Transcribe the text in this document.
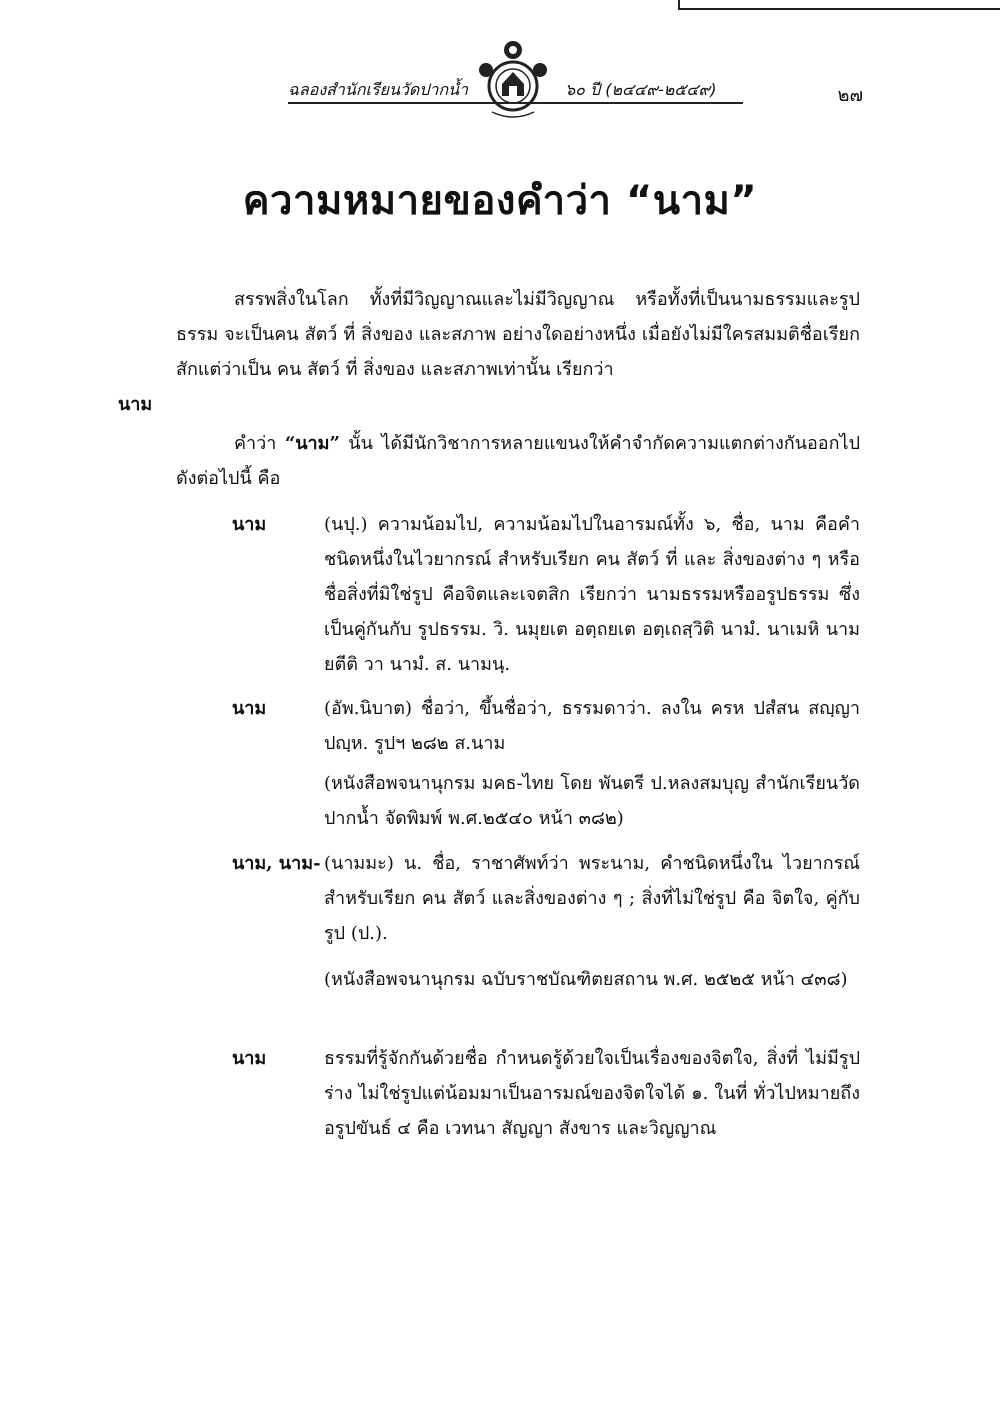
ฉลองสำนักเรียนวัดปากน้ำ	๖๐ ปี (๒๔๔๙-๒๕๔๙)	๒๗
ความหมายของคำว่า “นาม”
สรรพสิ่งในโลก ทั้งที่มีวิญญาณและไม่มีวิญญาณ หรือทั้งที่เป็นนามธรรมและรูปธรรม จะเป็นคน สัตว์ ที่ สิ่งของ และสภาพ อย่างใดอย่างหนึ่ง เมื่อยังไม่มีใครสมมติชื่อเรียก สักแต่ว่าเป็น คน สัตว์ ที่ สิ่งของ และสภาพเท่านั้น เรียกว่า
นาม
คำว่า “นาม” นั้น ได้มีนักวิชาการหลายแขนงให้คำจำกัดความแตกต่างกันออกไป ดังต่อไปนี้ คือ
นาม	(นปุ.) ความน้อมไป, ความน้อมไปในอารมณ์ทั้ง ๖, ชื่อ, นาม คือคำชนิดหนึ่งในไวยากรณ์ สำหรับเรียก คน สัตว์ ที่ และ สิ่งของต่าง ๆ หรือชื่อสิ่งที่มิใช่รูป คือจิตและเจตสิก เรียกว่า นามธรรมหรืออรูปธรรม ซึ่งเป็นคู่กันกับ รูปธรรม. วิ. นมุยเต อตฺถยเต อตฺเถสฺวิติ นามํ. นาเมหิ นามยตีติ วา นามํ. ส. นามนฺ.
นาม	(อัพ.นิบาต) ชื่อว่า, ขึ้นชื่อว่า, ธรรมดาว่า. ลงใน ครห ปสํสน สญฺญา ปญฺห. รูปฯ ๒๘๒ ส.นาม
(หนังสือพจนานุกรม มคธ-ไทย โดย พันตรี ป.หลงสมบุญ สำนักเรียนวัดปากน้ำ จัดพิมพ์ พ.ศ.๒๕๔๐ หน้า ๓๘๒)
นาม, นาม- (นามมะ) น. ชื่อ, ราชาศัพท์ว่า พระนาม, คำชนิดหนึ่งใน ไวยากรณ์ สำหรับเรียก คน สัตว์ และสิ่งของต่าง ๆ ; สิ่งที่ไม่ใช่รูป คือ จิตใจ, คู่กับ รูป (ป.).
(หนังสือพจนานุกรม ฉบับราชบัณฑิตยสถาน พ.ศ. ๒๕๒๕ หน้า ๔๓๘)
นาม	ธรรมที่รู้จักกันด้วยชื่อ กำหนดรู้ด้วยใจเป็นเรื่องของจิตใจ, สิ่งที่ ไม่มีรูปร่าง ไม่ใช่รูปแต่น้อมมาเป็นอารมณ์ของจิตใจได้ ๑. ในที่ ทั่วไปหมายถึงอรูปขันธ์ ๔ คือ เวทนา สัญญา สังขาร และวิญญาณ
